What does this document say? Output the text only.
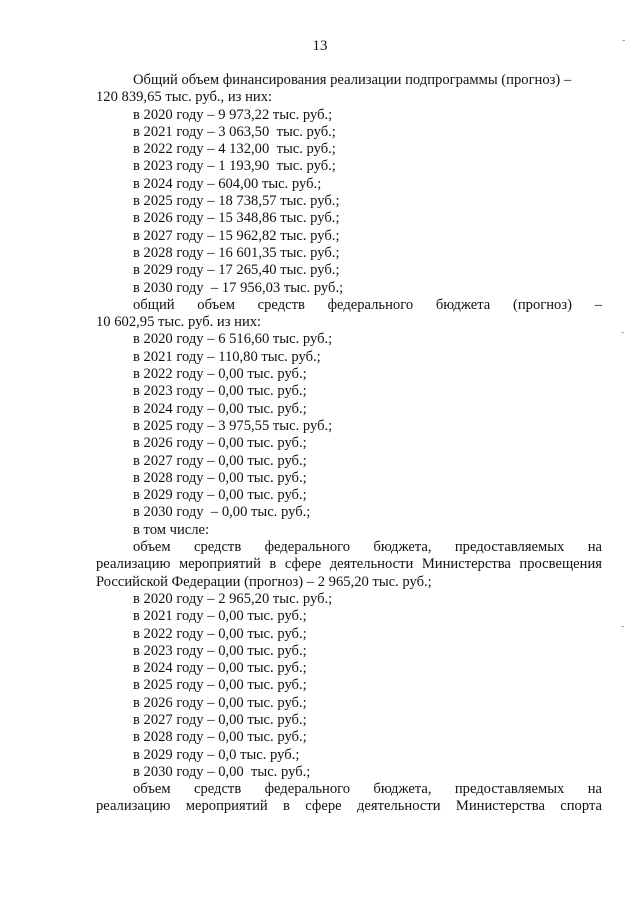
13
Общий объем финансирования реализации подпрограммы (прогноз) –
120 839,65 тыс. руб., из них:
в 2020 году – 9 973,22 тыс. руб.;
в 2021 году – 3 063,50  тыс. руб.;
в 2022 году – 4 132,00  тыс. руб.;
в 2023 году – 1 193,90  тыс. руб.;
в 2024 году – 604,00 тыс. руб.;
в 2025 году – 18 738,57 тыс. руб.;
в 2026 году – 15 348,86 тыс. руб.;
в 2027 году – 15 962,82 тыс. руб.;
в 2028 году – 16 601,35 тыс. руб.;
в 2029 году – 17 265,40 тыс. руб.;
в 2030 году  – 17 956,03 тыс. руб.;
общий объем средств федерального бюджета (прогноз) –
10 602,95 тыс. руб. из них:
в 2020 году – 6 516,60 тыс. руб.;
в 2021 году – 110,80 тыс. руб.;
в 2022 году – 0,00 тыс. руб.;
в 2023 году – 0,00 тыс. руб.;
в 2024 году – 0,00 тыс. руб.;
в 2025 году – 3 975,55 тыс. руб.;
в 2026 году – 0,00 тыс. руб.;
в 2027 году – 0,00 тыс. руб.;
в 2028 году – 0,00 тыс. руб.;
в 2029 году – 0,00 тыс. руб.;
в 2030 году  – 0,00 тыс. руб.;
в том числе:
объем средств федерального бюджета, предоставляемых на
реализацию мероприятий в сфере деятельности Министерства просвещения
Российской Федерации (прогноз) – 2 965,20 тыс. руб.;
в 2020 году – 2 965,20 тыс. руб.;
в 2021 году – 0,00 тыс. руб.;
в 2022 году – 0,00 тыс. руб.;
в 2023 году – 0,00 тыс. руб.;
в 2024 году – 0,00 тыс. руб.;
в 2025 году – 0,00 тыс. руб.;
в 2026 году – 0,00 тыс. руб.;
в 2027 году – 0,00 тыс. руб.;
в 2028 году – 0,00 тыс. руб.;
в 2029 году – 0,0 тыс. руб.;
в 2030 году – 0,00  тыс. руб.;
объем средств федерального бюджета, предоставляемых на
реализацию мероприятий в сфере деятельности Министерства спорта
-
-
-
